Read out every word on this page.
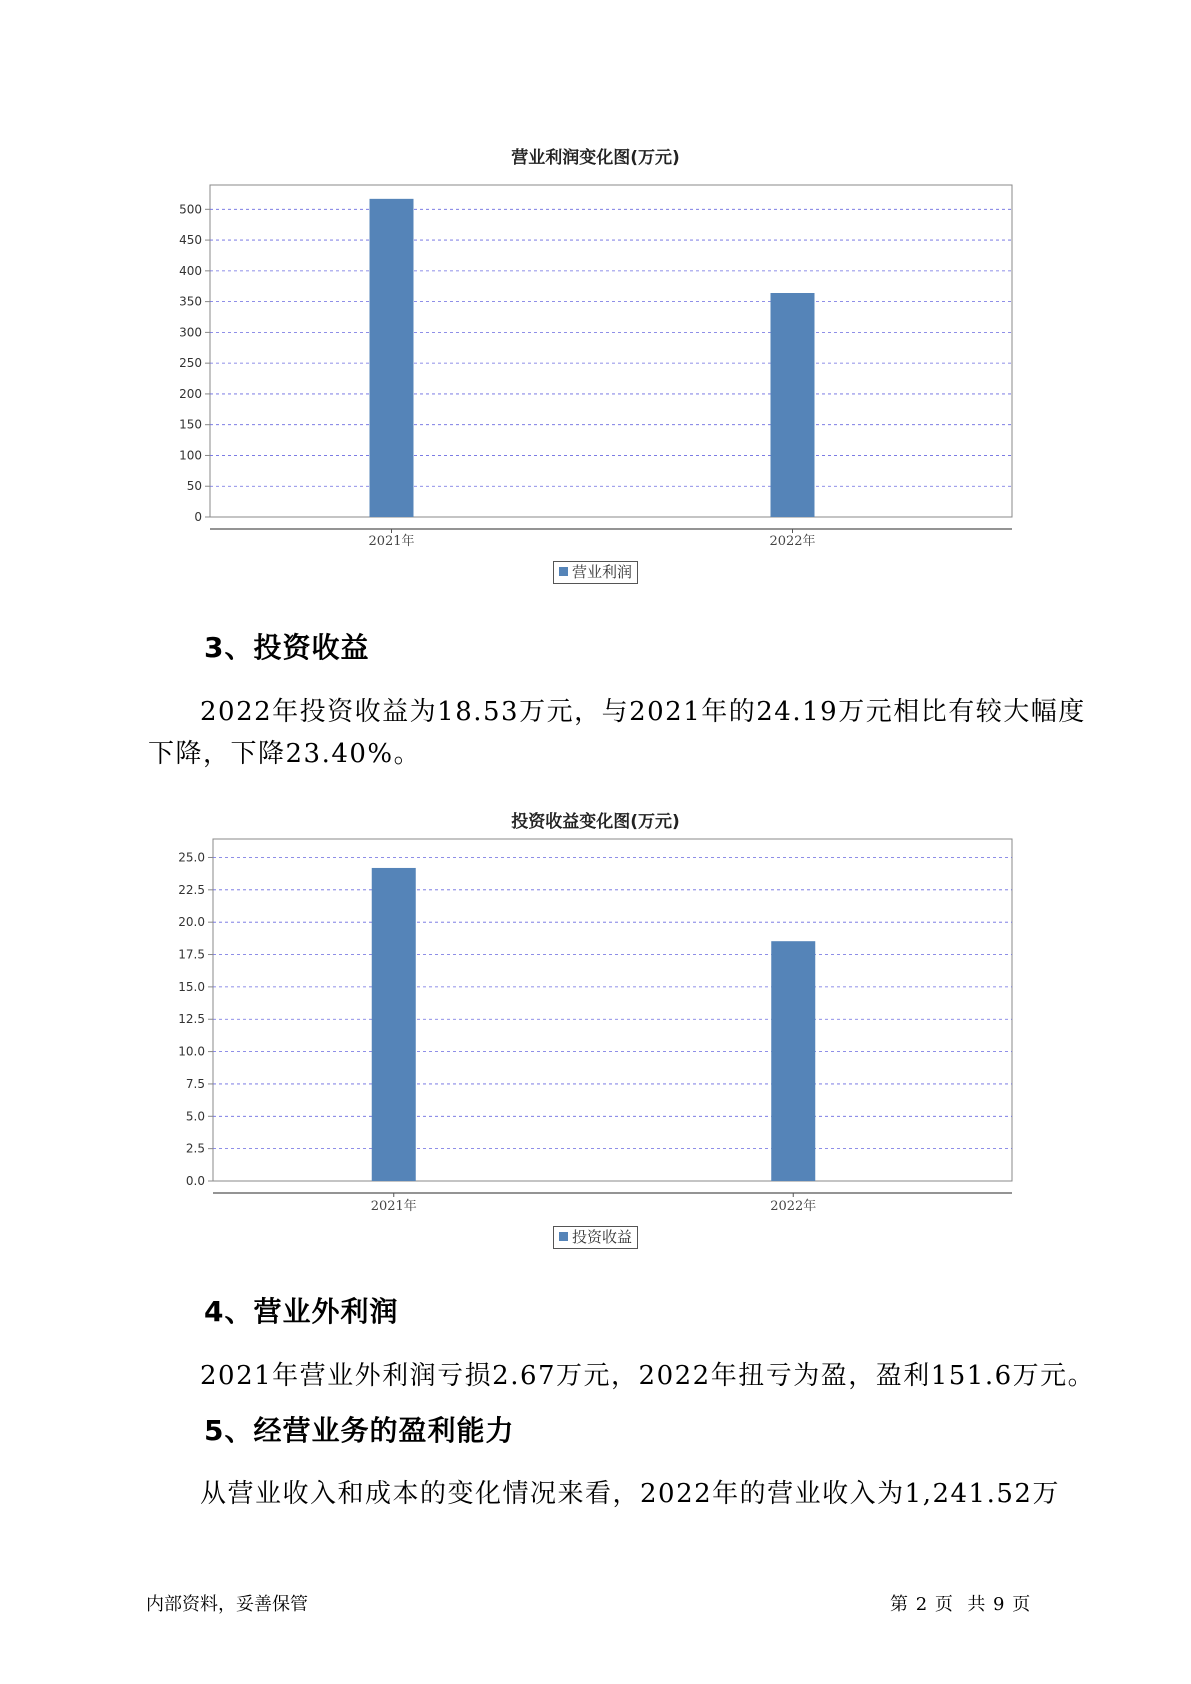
营业利润变化图(万元)
0
50
100
150
200
250
300
350
400
450
500
2021年	2022年
营业利润
3、投资收益
2022年投资收益为18.53万元，与2021年的24.19万元相比有较大幅度
下降，下降23.40%。
投资收益变化图(万元)
0.0
2.5
5.0
7.5
10.0
12.5
15.0
17.5
20.0
22.5
25.0
2021年	2022年
投资收益
4、营业外利润
2021年营业外利润亏损2.67万元，2022年扭亏为盈，盈利151.6万元。
5、经营业务的盈利能力
从营业收入和成本的变化情况来看，2022年的营业收入为1,241.52万
内部资料，妥善保管	第 2 页  共 9 页
